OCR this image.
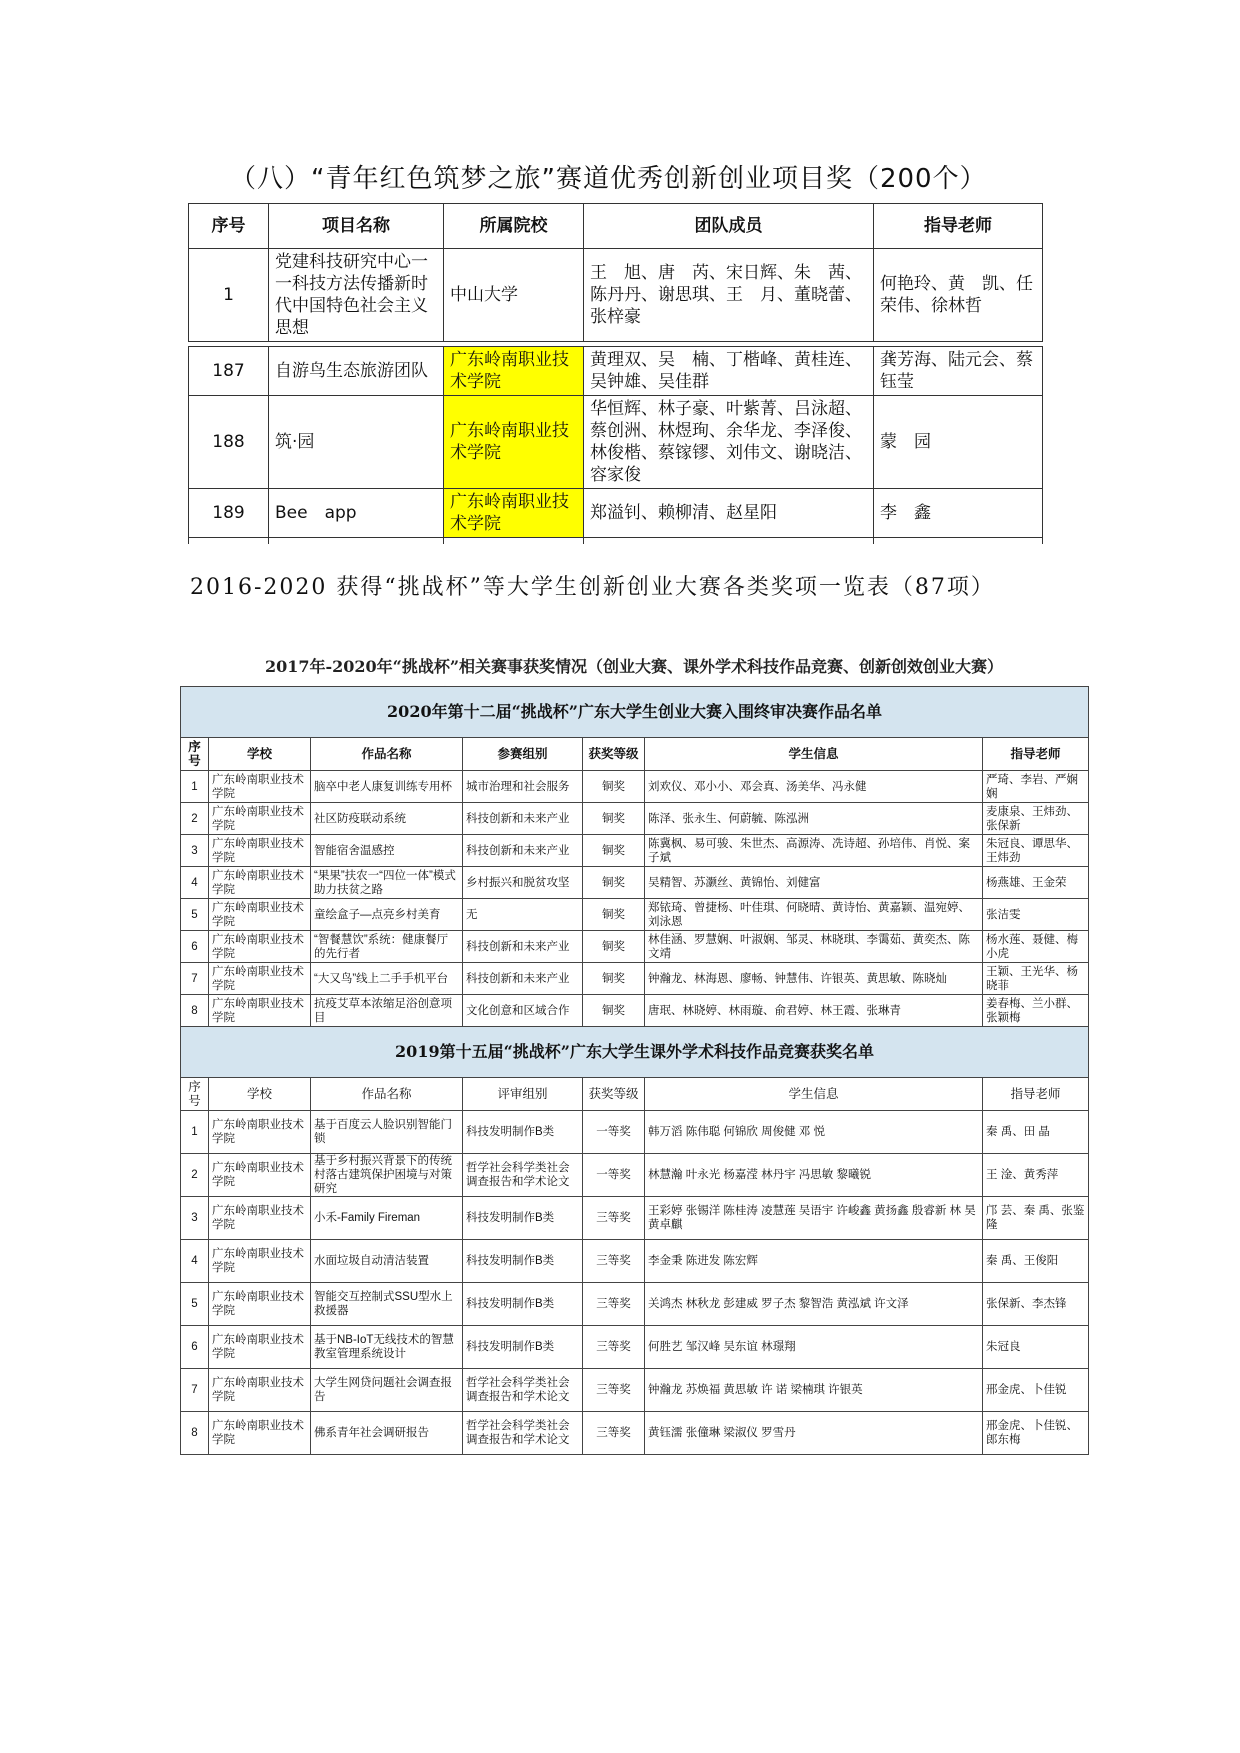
（八）“青年红色筑梦之旅”赛道优秀创新创业项目奖（200个）
序号	项目名称	所属院校	团队成员	指导老师
1	党建科技研究中心一一科技方法传播新时代中国特色社会主义思想	中山大学	王　旭、唐　芮、宋日辉、朱　茜、陈丹丹、谢思琪、王　月、董晓蕾、张梓豪	何艳玲、黄　凯、任荣伟、徐林哲
187	自游鸟生态旅游团队	广东岭南职业技术学院	黄理双、吴　楠、丁楷峰、黄桂连、吴钟雄、吴佳群	龚芳海、陆元会、蔡钰莹
188	筑·园	广东岭南职业技术学院	华恒辉、林子豪、叶紫菁、吕泳超、蔡创洲、林煜珣、余华龙、李泽俊、林俊楷、蔡镓镠、刘伟文、谢晓洁、容家俊	蒙　园
189	Bee　app	广东岭南职业技术学院	郑溢钊、赖柳清、赵星阳	李　鑫

2016-2020 获得“挑战杯”等大学生创新创业大赛各类奖项一览表（87项）
2017年-2020年“挑战杯”相关赛事获奖情况（创业大赛、课外学术科技作品竞赛、创新创效创业大赛）
2020年第十二届“挑战杯”广东大学生创业大赛入围终审决赛作品名单						
序号	学校	作品名称	参赛组别	获奖等级	学生信息	指导老师
1	广东岭南职业技术学院	脑卒中老人康复训练专用杯	城市治理和社会服务	铜奖	刘欢仪、邓小小、邓会真、汤美华、冯永健	严琦、李岩、严娴娴
2	广东岭南职业技术学院	社区防疫联动系统	科技创新和未来产业	铜奖	陈泽、张永生、何蔚毓、陈泓洲	麦康泉、王炜劲、张保新
3	广东岭南职业技术学院	智能宿舍温感控	科技创新和未来产业	铜奖	陈冀枫、易可骏、朱世杰、高源涛、冼诗超、孙培伟、肖悦、案子斌	朱冠良、谭思华、王炜劲
4	广东岭南职业技术学院	“果果”扶农一“四位一体”模式助力扶贫之路	乡村振兴和脱贫攻坚	铜奖	吴精智、苏灏丝、黄锦怡、刘健富	杨燕雄、王金荣
5	广东岭南职业技术学院	童绘盒子—点亮乡村美育	无	铜奖	郑铱琦、曾捷杨、叶佳琪、何晓晴、黄诗怡、黄嘉颖、温宛婷、刘泳恩	张洁雯
6	广东岭南职业技术学院	“智餐慧饮”系统：健康餐厅的先行者	科技创新和未来产业	铜奖	林佳涵、罗慧娴、叶淑娴、邹灵、林晓琪、李霭茹、黄奕杰、陈文靖	杨水莲、聂健、梅小虎
7	广东岭南职业技术学院	“大又鸟”线上二手手机平台	科技创新和未来产业	铜奖	钟瀚龙、林海恩、廖畅、钟慧伟、许银英、黄思敏、陈晓灿	王颖、王光华、杨晓菲
8	广东岭南职业技术学院	抗疫艾草本浓缩足浴创意项目	文化创意和区域合作	铜奖	唐珉、林晓婷、林雨璇、俞君婷、林王霞、张琳青	姜春梅、兰小群、张颖梅
2019第十五届“挑战杯”广东大学生课外学术科技作品竞赛获奖名单						
序号	学校	作品名称	评审组别	获奖等级	学生信息	指导老师
1	广东岭南职业技术学院	基于百度云人脸识别智能门锁	科技发明制作B类	一等奖	韩万滔 陈伟聪 何锦欣 周俊健 邓 悦	秦 禹、田 晶
2	广东岭南职业技术学院	基于乡村振兴背景下的传统村落古建筑保护困境与对策研究	哲学社会科学类社会调查报告和学术论文	一等奖	林慧瀚 叶永光 杨嘉滢 林丹宇 冯思敏 黎曦锐	王 淦、黄秀萍
3	广东岭南职业技术学院	小禾-Family Fireman	科技发明制作B类	三等奖	王彩婷 张锡洋 陈桂涛 凌慧莲 吴语宇 许峻鑫 黄扬鑫 殷睿新 林 昊 黄卓麒	邝 芸、秦 禹、张鉴隆
4	广东岭南职业技术学院	水面垃圾自动清洁装置	科技发明制作B类	三等奖	李金秉 陈进发 陈宏辉	秦 禹、王俊阳
5	广东岭南职业技术学院	智能交互控制式SSU型水上救援器	科技发明制作B类	三等奖	关鸿杰 林秋龙 彭建威 罗子杰 黎智浩 黄泓斌 许文泽	张保新、李杰锋
6	广东岭南职业技术学院	基于NB-IoT无线技术的智慧教室管理系统设计	科技发明制作B类	三等奖	何胜艺 邹汉峰 吴东谊 林璟翔	朱冠良
7	广东岭南职业技术学院	大学生网贷问题社会调查报告	哲学社会科学类社会调查报告和学术论文	三等奖	钟瀚龙 苏焕福 黄思敏 许 诺 梁楠琪 许银英	邢金虎、卜佳锐
8	广东岭南职业技术学院	佛系青年社会调研报告	哲学社会科学类社会调查报告和学术论文	三等奖	黄钰濡 张僮琳 梁淑仪 罗雪丹	邢金虎、卜佳锐、郎东梅
